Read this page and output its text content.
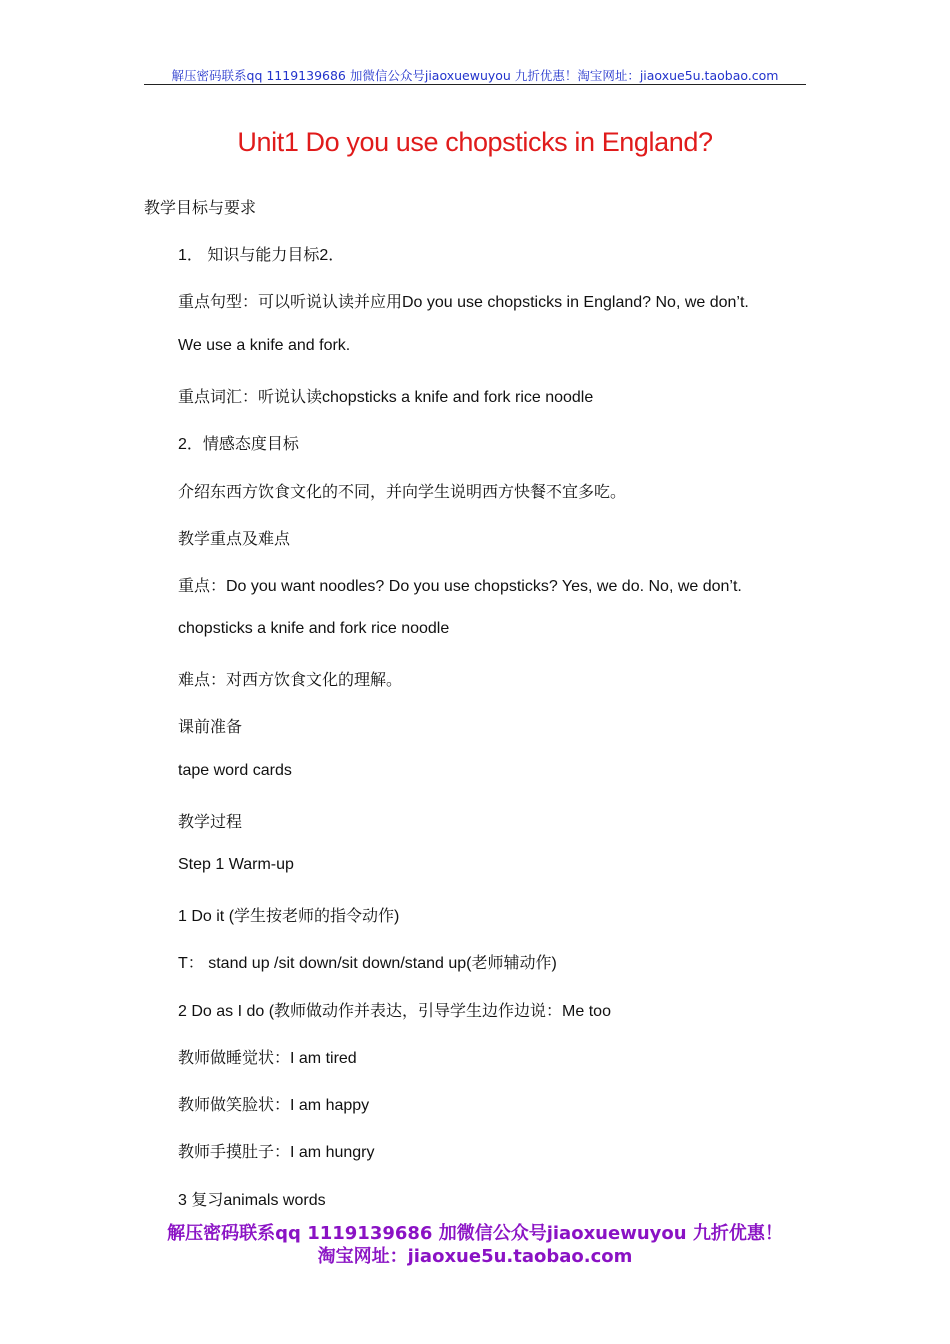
解压密码联系qq 1119139686 加微信公众号jiaoxuewuyou 九折优惠！淘宝网址：jiaoxue5u.taobao.com
Unit1 Do you use chopsticks in England?
教学目标与要求
1． 知识与能力目标2．
重点句型：可以听说认读并应用Do you use chopsticks in England? No, we don’t.
We use a knife and fork.
重点词汇：听说认读chopsticks a knife and fork rice noodle
2．情感态度目标
介绍东西方饮食文化的不同，并向学生说明西方快餐不宜多吃。
教学重点及难点
重点：Do you want noodles? Do you use chopsticks? Yes, we do. No, we don’t.
chopsticks a knife and fork rice noodle
难点：对西方饮食文化的理解。
课前准备
tape word cards
教学过程
Step 1 Warm-up
1 Do it (学生按老师的指令动作)
T： stand up /sit down/sit down/stand up(老师辅动作)
2 Do as I do (教师做动作并表达，引导学生边作边说：Me too
教师做睡觉状：I am tired
教师做笑脸状：I am happy
教师手摸肚子：I am hungry
3 复习animals words
解压密码联系qq 1119139686 加微信公众号jiaoxuewuyou 九折优惠！
淘宝网址：jiaoxue5u.taobao.com
